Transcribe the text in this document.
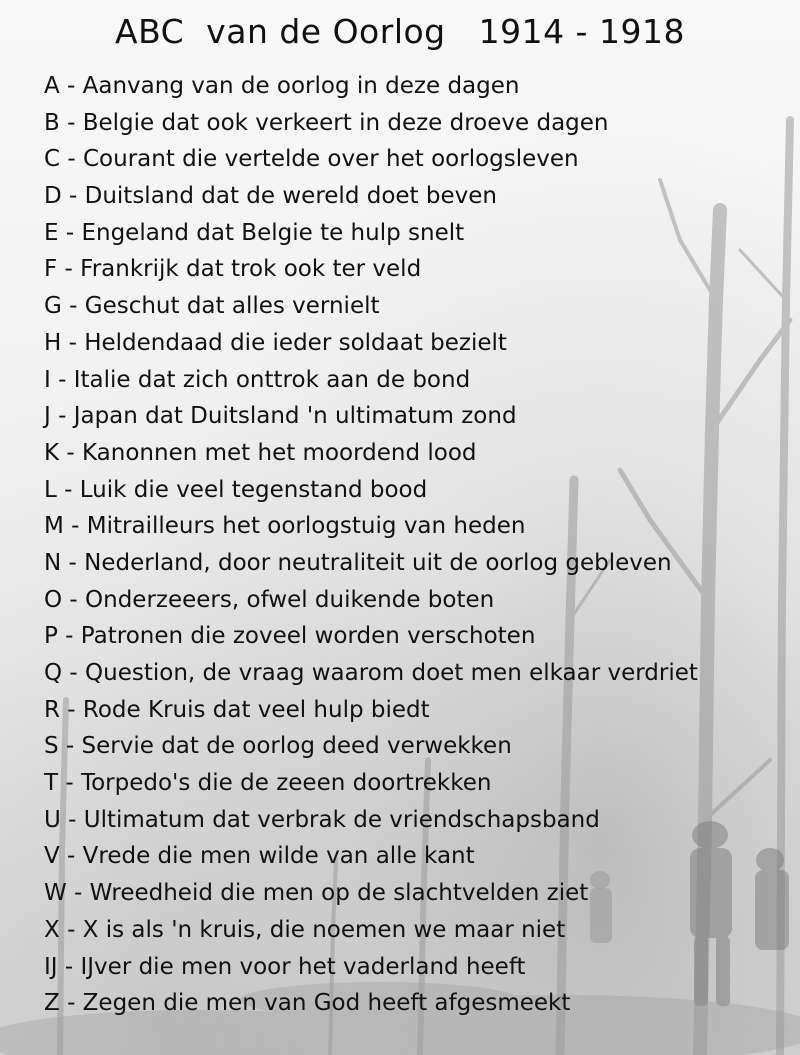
ABC  van de Oorlog   1914 - 1918
A - Aanvang van de oorlog in deze dagen
B - Belgie dat ook verkeert in deze droeve dagen
C - Courant die vertelde over het oorlogsleven
D - Duitsland dat de wereld doet beven
E - Engeland dat Belgie te hulp snelt
F - Frankrijk dat trok ook ter veld
G - Geschut dat alles vernielt
H - Heldendaad die ieder soldaat bezielt
I - Italie dat zich onttrok aan de bond
J - Japan dat Duitsland 'n ultimatum zond
K - Kanonnen met het moordend lood
L - Luik die veel tegenstand bood
M - Mitrailleurs het oorlogstuig van heden
N - Nederland, door neutraliteit uit de oorlog gebleven
O - Onderzeeers, ofwel duikende boten
P - Patronen die zoveel worden verschoten
Q - Question, de vraag waarom doet men elkaar verdriet
R - Rode Kruis dat veel hulp biedt
S - Servie dat de oorlog deed verwekken
T - Torpedo's die de zeeen doortrekken
U - Ultimatum dat verbrak de vriendschapsband
V - Vrede die men wilde van alle kant
W - Wreedheid die men op de slachtvelden ziet
X - X is als 'n kruis, die noemen we maar niet
IJ - IJver die men voor het vaderland heeft
Z - Zegen die men van God heeft afgesmeekt
